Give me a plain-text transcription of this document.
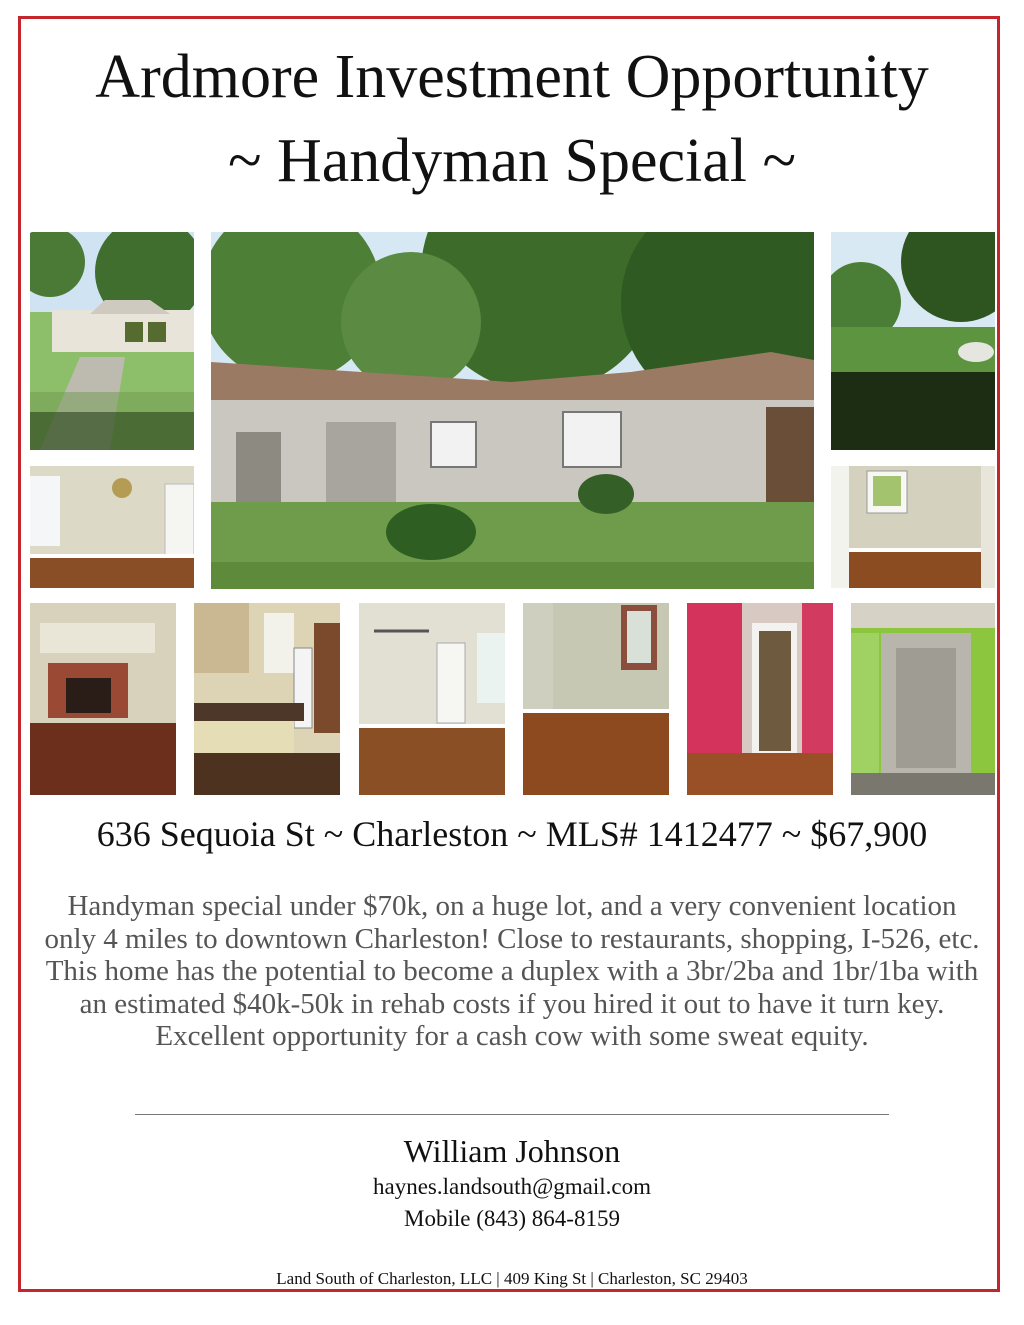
Ardmore Investment Opportunity
~ Handyman Special ~
636 Sequoia St ~ Charleston ~ MLS# 1412477 ~ $67,900
Handyman special under $70k, on a huge lot, and a very convenient location only 4 miles to downtown Charleston! Close to restaurants, shopping, I-526, etc. This home has the potential to become a duplex with a 3br/2ba and 1br/1ba with an estimated $40k-50k in rehab costs if you hired it out to have it turn key. Excellent opportunity for a cash cow with some sweat equity.
William Johnson
haynes.landsouth@gmail.com
Mobile (843) 864-8159
Land South of Charleston, LLC | 409 King St | Charleston, SC 29403
